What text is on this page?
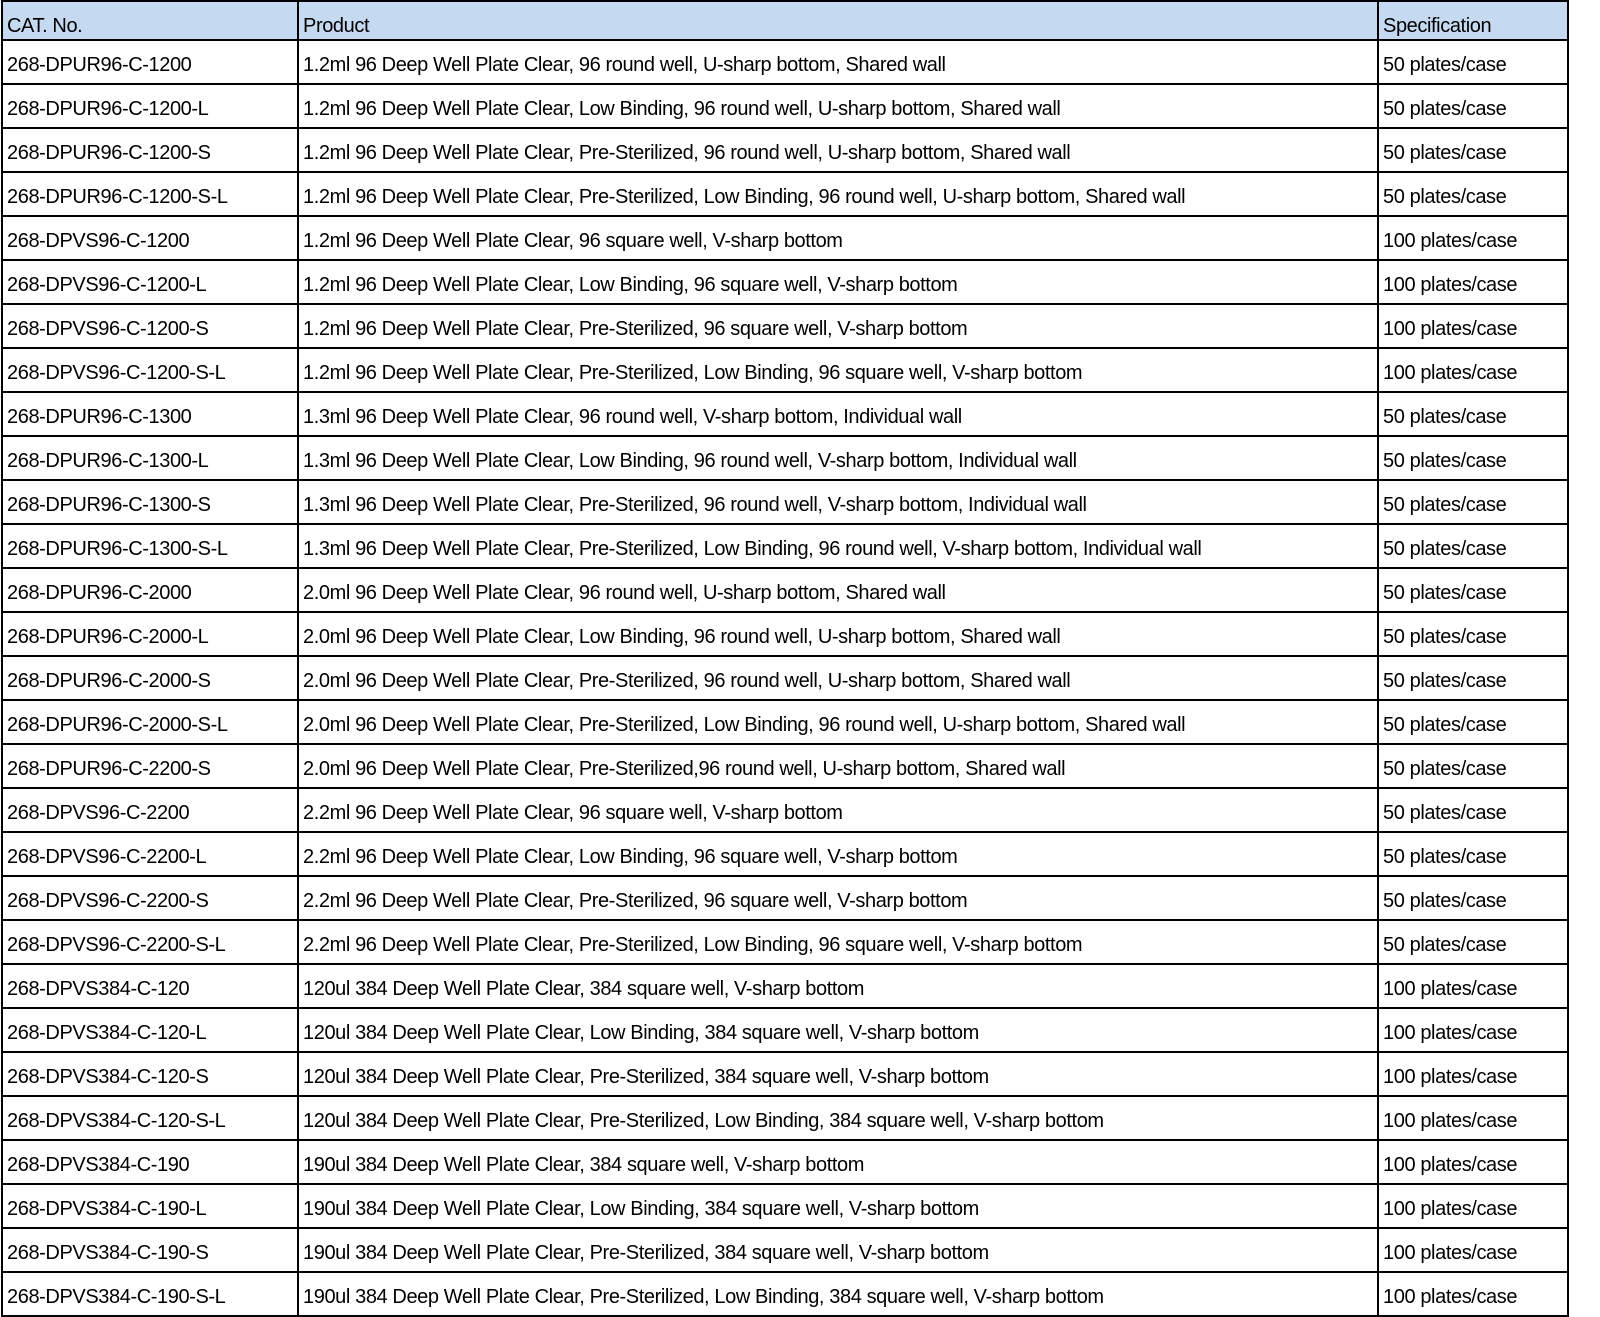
CAT. No.	Product	Specification
268-DPUR96-C-1200	1.2ml 96 Deep Well Plate Clear, 96 round well, U-sharp bottom, Shared wall	50 plates/case
268-DPUR96-C-1200-L	1.2ml 96 Deep Well Plate Clear, Low Binding, 96 round well, U-sharp bottom, Shared wall	50 plates/case
268-DPUR96-C-1200-S	1.2ml 96 Deep Well Plate Clear, Pre-Sterilized, 96 round well, U-sharp bottom, Shared wall	50 plates/case
268-DPUR96-C-1200-S-L	1.2ml 96 Deep Well Plate Clear, Pre-Sterilized, Low Binding, 96 round well, U-sharp bottom, Shared wall	50 plates/case
268-DPVS96-C-1200	1.2ml 96 Deep Well Plate Clear, 96 square well, V-sharp bottom	100 plates/case
268-DPVS96-C-1200-L	1.2ml 96 Deep Well Plate Clear, Low Binding, 96 square well, V-sharp bottom	100 plates/case
268-DPVS96-C-1200-S	1.2ml 96 Deep Well Plate Clear, Pre-Sterilized, 96 square well, V-sharp bottom	100 plates/case
268-DPVS96-C-1200-S-L	1.2ml 96 Deep Well Plate Clear, Pre-Sterilized, Low Binding, 96 square well, V-sharp bottom	100 plates/case
268-DPUR96-C-1300	1.3ml 96 Deep Well Plate Clear, 96 round well, V-sharp bottom, Individual wall	50 plates/case
268-DPUR96-C-1300-L	1.3ml 96 Deep Well Plate Clear, Low Binding, 96 round well, V-sharp bottom, Individual wall	50 plates/case
268-DPUR96-C-1300-S	1.3ml 96 Deep Well Plate Clear, Pre-Sterilized, 96 round well, V-sharp bottom, Individual wall	50 plates/case
268-DPUR96-C-1300-S-L	1.3ml 96 Deep Well Plate Clear, Pre-Sterilized, Low Binding, 96 round well, V-sharp bottom, Individual wall	50 plates/case
268-DPUR96-C-2000	2.0ml 96 Deep Well Plate Clear, 96 round well, U-sharp bottom, Shared wall	50 plates/case
268-DPUR96-C-2000-L	2.0ml 96 Deep Well Plate Clear, Low Binding, 96 round well, U-sharp bottom, Shared wall	50 plates/case
268-DPUR96-C-2000-S	2.0ml 96 Deep Well Plate Clear, Pre-Sterilized, 96 round well, U-sharp bottom, Shared wall	50 plates/case
268-DPUR96-C-2000-S-L	2.0ml 96 Deep Well Plate Clear, Pre-Sterilized, Low Binding, 96 round well, U-sharp bottom, Shared wall	50 plates/case
268-DPUR96-C-2200-S	2.0ml 96 Deep Well Plate Clear, Pre-Sterilized,96 round well, U-sharp bottom, Shared wall	50 plates/case
268-DPVS96-C-2200	2.2ml 96 Deep Well Plate Clear, 96 square well, V-sharp bottom	50 plates/case
268-DPVS96-C-2200-L	2.2ml 96 Deep Well Plate Clear, Low Binding, 96 square well, V-sharp bottom	50 plates/case
268-DPVS96-C-2200-S	2.2ml 96 Deep Well Plate Clear, Pre-Sterilized, 96 square well, V-sharp bottom	50 plates/case
268-DPVS96-C-2200-S-L	2.2ml 96 Deep Well Plate Clear, Pre-Sterilized, Low Binding, 96 square well, V-sharp bottom	50 plates/case
268-DPVS384-C-120	120ul 384 Deep Well Plate Clear, 384 square well, V-sharp bottom	100 plates/case
268-DPVS384-C-120-L	120ul 384 Deep Well Plate Clear, Low Binding, 384 square well, V-sharp bottom	100 plates/case
268-DPVS384-C-120-S	120ul 384 Deep Well Plate Clear, Pre-Sterilized, 384 square well, V-sharp bottom	100 plates/case
268-DPVS384-C-120-S-L	120ul 384 Deep Well Plate Clear, Pre-Sterilized, Low Binding, 384 square well, V-sharp bottom	100 plates/case
268-DPVS384-C-190	190ul 384 Deep Well Plate Clear, 384 square well, V-sharp bottom	100 plates/case
268-DPVS384-C-190-L	190ul 384 Deep Well Plate Clear, Low Binding, 384 square well, V-sharp bottom	100 plates/case
268-DPVS384-C-190-S	190ul 384 Deep Well Plate Clear, Pre-Sterilized, 384 square well, V-sharp bottom	100 plates/case
268-DPVS384-C-190-S-L	190ul 384 Deep Well Plate Clear, Pre-Sterilized, Low Binding, 384 square well, V-sharp bottom	100 plates/case
